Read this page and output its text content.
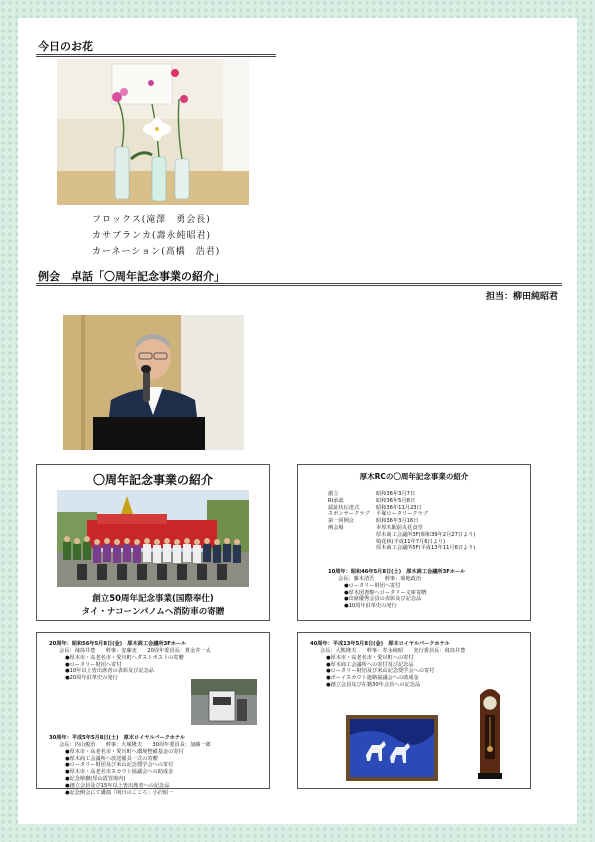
今日のお花
フロックス(滝澤　勇会長)
カサブランカ(壽永純昭君)
カーネーション(高橋　浩君)
例会　卓話「〇周年記念事業の紹介」
担当：柳田純昭君
〇周年記念事業の紹介
創立50周年記念事業(国際奉仕)
タイ・ナコーンパノムへ消防車の寄贈
厚木RCの〇周年記念事業の紹介
創立	昭和36年3月7日
RI承認	昭和36年5月8日
認証状伝達式	昭和36年11月23日
スポンサークラブ 平塚ロータリークラブ
第一回例会	昭和36年3月16日
例会場	本厚木駅前丸花食堂
厚木商工会議所3F(昭和39年2月27日より)
鳩花林(平成11年7月6日より)
厚木商工会議所5F(平成13年11月6日より)
10周年：昭和46年5月8日(土)　厚木商工会議所3Fホール
会長：藤本清吾　　幹事：菊地政治
●ロータリー財団へ寄付
●厚木図書館へロータリー文庫寄贈
●出席優秀会員の表彰及び記念品
●10周年沿革史の発行
20周年：昭和56年5月8日(金)　厚木商工会議所3Fホール
会長：飛鳥井豊　　幹事：安藤実　　20周年委員長：貫金井一太
●厚木市・高老名市・愛川町へダストボストの寄贈
●ロータリー財団へ寄付
●10年以上皆出席者の表彰及び記念品
●20周年沿革史の発行
30周年：平成5年5月8日(土)　厚木ロイヤルパークホテル
会長：内山俊治　　幹事：大塚隆夫　　30周年委員長：加藤一郎
●厚木市・高老名市・愛川町へ環境整備基金の寄付
●厚木商工会議所へ放送備具一式の寄贈
●ロータリー財団及び米山記念奨学会への寄付
●厚木市・高老名市スカウト協議会への助成金
●記念植樹(厚山霞管境内)
●創立会員及び15年以上皆出席者への記念品
●記念例会にて講演「明日のこころ」小沢昭一
40周年：平成13年5月8日(金)　厚木ロイヤルパークホテル
会長：大熊隆夫　　幹事：寿永純昭　　実行委員長：飛鳥井豊
●厚木市・高老名市・愛川町への寄付
●厚木商工会議所への寄付及び記念品
●ロータリー財団及び米山記念奨学会への寄付
●ボーイスカウト連絡協議会への助成金
●創立会員及び在籍30年会員への記念品
